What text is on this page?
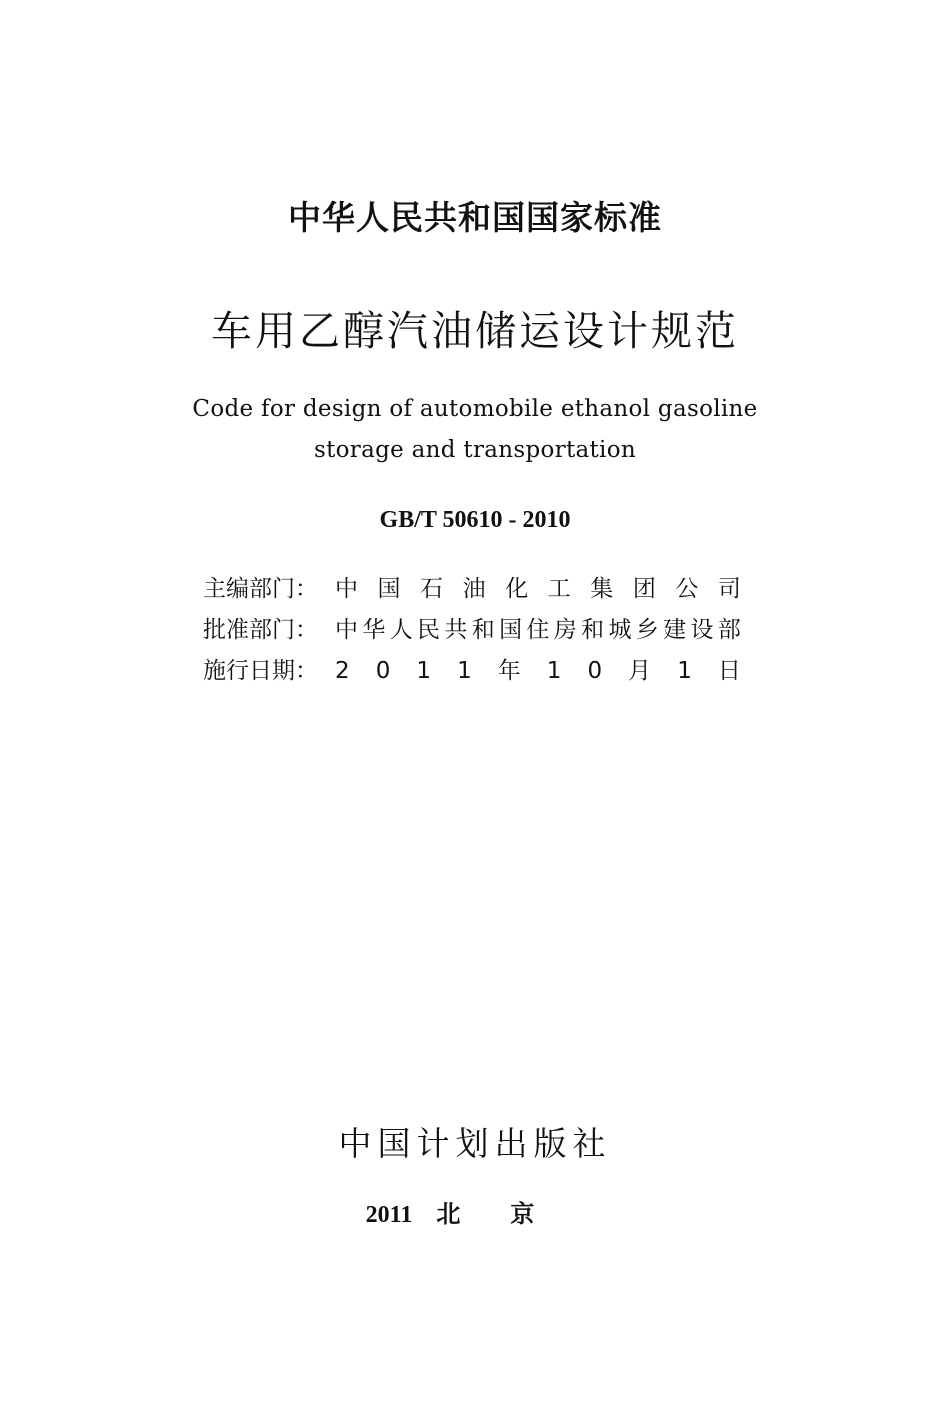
中华人民共和国国家标准
车用乙醇汽油储运设计规范
Code for design of automobile ethanol gasoline
storage and transportation
GB/T 50610 - 2010
主编部门： 中 国 石 油 化 工 集 团 公 司
批准部门： 中 华 人 民 共 和 国 住 房 和 城 乡 建 设 部
施行日期： 2 0 1 1 年 1 0 月 1 日
中国计划出版社
2011 北京
